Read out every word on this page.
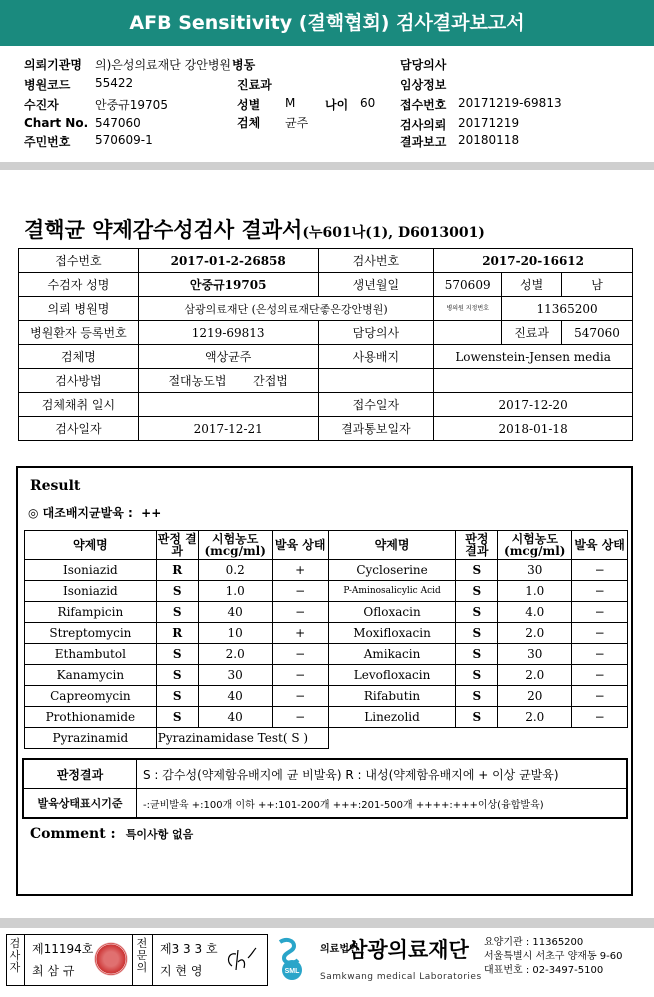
AFB Sensitivity (결핵협회) 검사결과보고서
의뢰기관명 의)은성의료재단 강안병원 병동	담당의사
병원코드 55422	진료과	임상정보
수진자	안중규19705	성별 M 나이 60 접수번호 20171219-69813
Chart No. 547060	검체 균주	검사의뢰 20171219
주민번호 570609-1	결과보고 20180118
결핵균 약제감수성검사 결과서(누601나(1), D6013001)
접수번호	2017-01-2-26858	검사번호	2017-20-16612		
수검자 성명	안중규19705	생년월일	570609	성별	남
의뢰 병원명	삼광의료재단 (은성의료재단좋은강안병원)		병의원 지정번호	11365200	
병원환자 등록번호	1219-69813	담당의사		진료과	547060
검체명	액상균주	사용배지	Lowenstein-Jensen media		
검사방법	절대농도법 간접법				
검체채취 일시		접수일자	2017-12-20		
검사일자	2017-12-21	결과통보일자	2018-01-18		
Result
◎ 대조배지균발육 : ++
약제명	판정 결과	시험농도 (mcg/ml)	발육 상태	약제명	판정 결과	시험농도 (mcg/ml)	발육 상태
Isoniazid	R	0.2	+	Cycloserine	S	30	−
Isoniazid	S	1.0	−	P-Aminosalicylic Acid	S	1.0	−
Rifampicin	S	40	−	Ofloxacin	S	4.0	−
Streptomycin	R	10	+	Moxifloxacin	S	2.0	−
Ethambutol	S	2.0	−	Amikacin	S	30	−
Kanamycin	S	30	−	Levofloxacin	S	2.0	−
Capreomycin	S	40	−	Rifabutin	S	20	−
Prothionamide	S	40	−	Linezolid	S	2.0	−
Pyrazinamid	Pyrazinamidase Test( S )						
판정결과	S : 감수성(약제함유배지에 균 비발육) R : 내성(약제함유배지에 + 이상 균발육)
발육상태표시기준	-:균비발육 +:100개 이하 ++:101-200개 +++:201-500개 ++++:+++이상(융합발육)
Comment : 특이사항 없음
검사자
제11194호
최 삼 규
전문의
제3 3 3 호
지 현 영	SML
의료법인 삼광의료재단
Samkwang medical Laboratories
요양기관 : 11365200
서울특별시 서초구 양재동 9-60
대표번호 : 02-3497-5100
